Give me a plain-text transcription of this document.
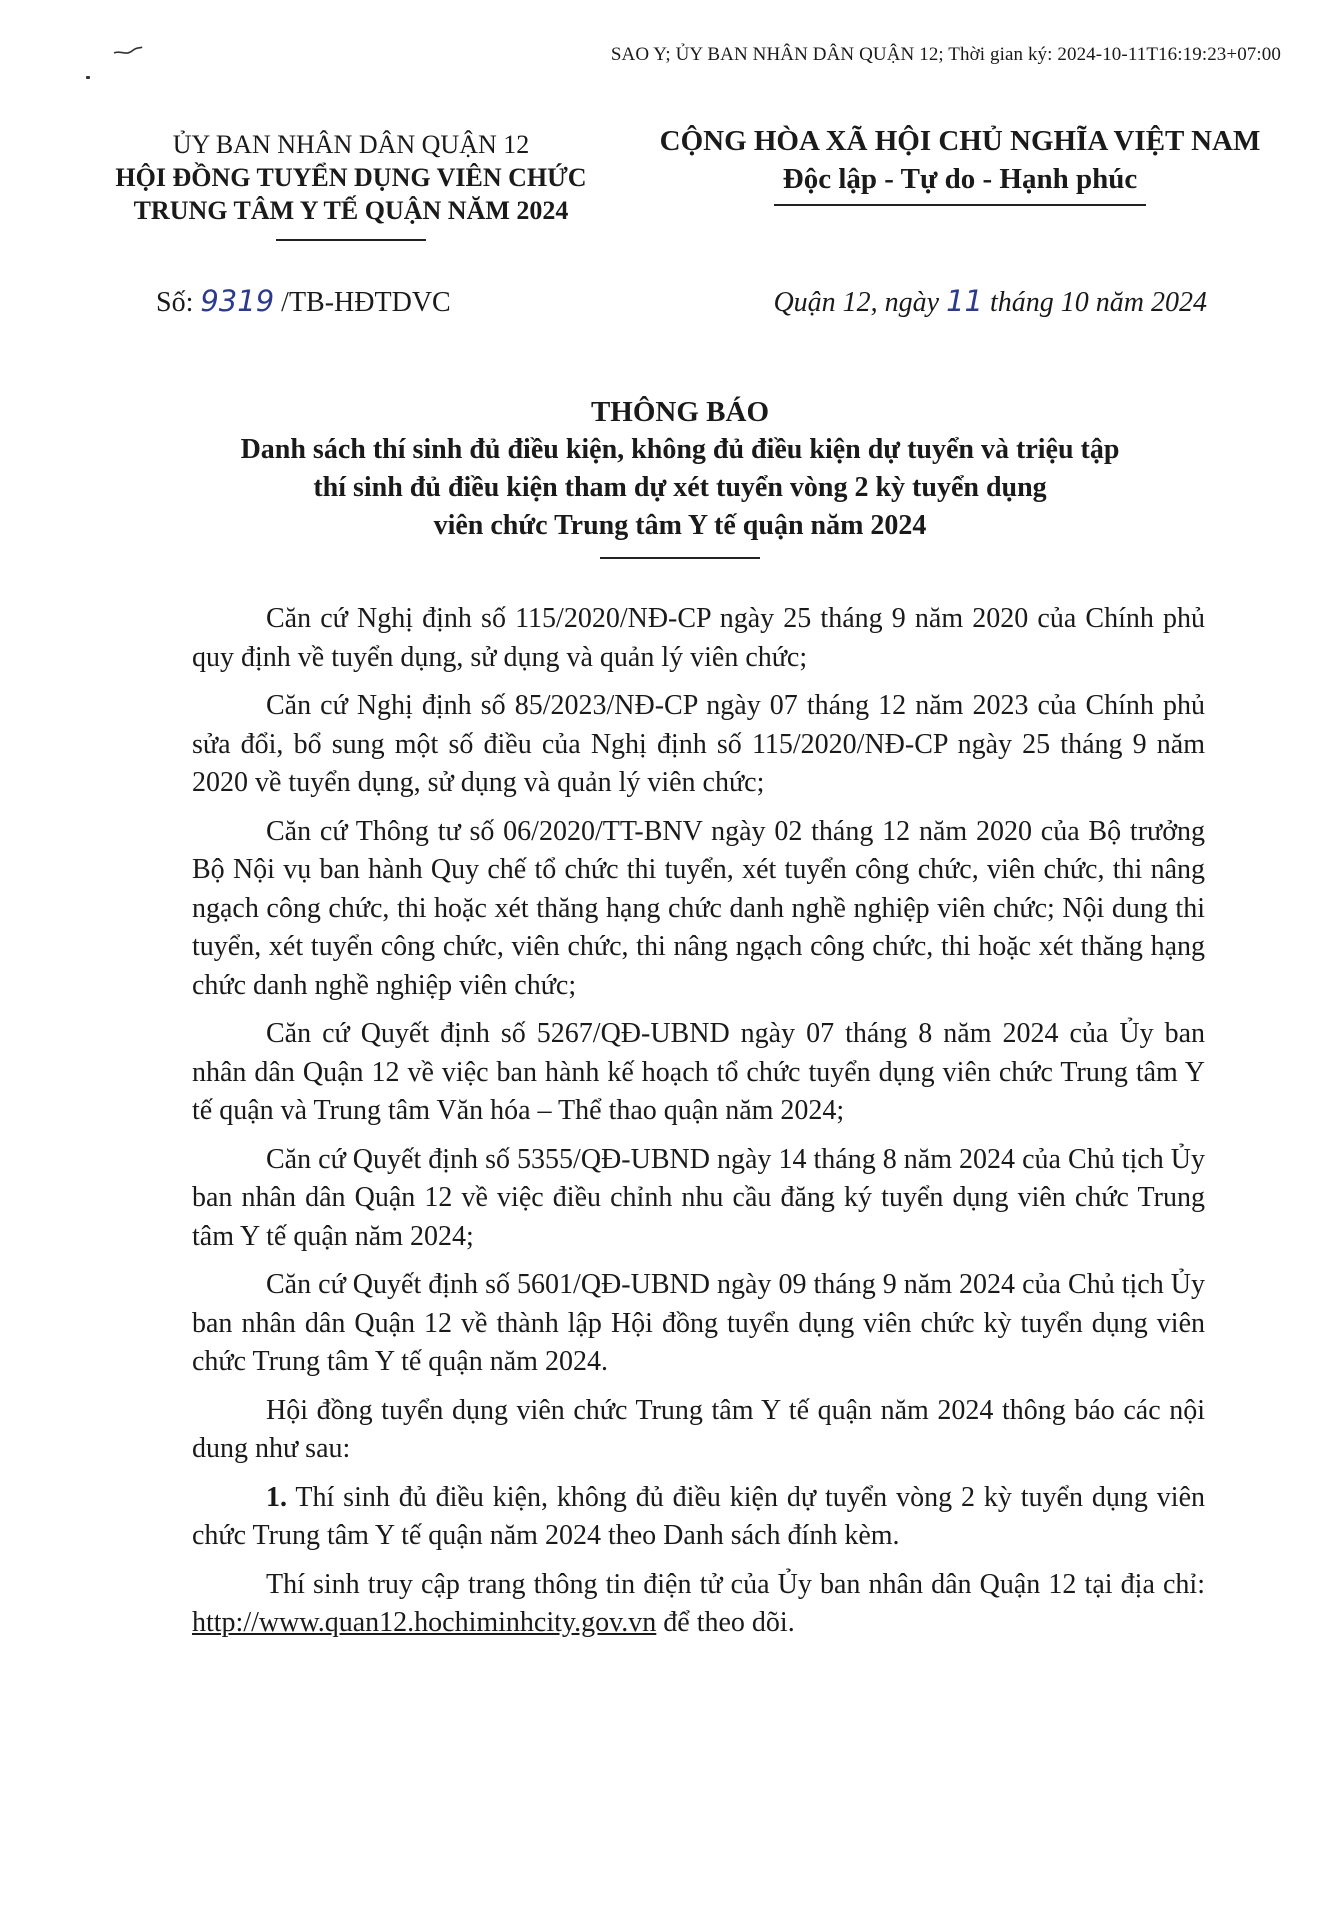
SAO Y; ỦY BAN NHÂN DÂN QUẬN 12; Thời gian ký: 2024-10-11T16:19:23+07:00
ỦY BAN NHÂN DÂN QUẬN 12
HỘI ĐỒNG TUYỂN DỤNG VIÊN CHỨC
TRUNG TÂM Y TẾ QUẬN NĂM 2024
CỘNG HÒA XÃ HỘI CHỦ NGHĨA VIỆT NAM
Độc lập - Tự do - Hạnh phúc
Số: 9319 /TB-HĐTDVC	Quận 12, ngày 11 tháng 10 năm 2024
THÔNG BÁO
Danh sách thí sinh đủ điều kiện, không đủ điều kiện dự tuyển và triệu tập
thí sinh đủ điều kiện tham dự xét tuyển vòng 2 kỳ tuyển dụng
viên chức Trung tâm Y tế quận năm 2024

Căn cứ Nghị định số 115/2020/NĐ-CP ngày 25 tháng 9 năm 2020 của Chính phủ quy định về tuyển dụng, sử dụng và quản lý viên chức;

Căn cứ Nghị định số 85/2023/NĐ-CP ngày 07 tháng 12 năm 2023 của Chính phủ sửa đổi, bổ sung một số điều của Nghị định số 115/2020/NĐ-CP ngày 25 tháng 9 năm 2020 về tuyển dụng, sử dụng và quản lý viên chức;

Căn cứ Thông tư số 06/2020/TT-BNV ngày 02 tháng 12 năm 2020 của Bộ trưởng Bộ Nội vụ ban hành Quy chế tổ chức thi tuyển, xét tuyển công chức, viên chức, thi nâng ngạch công chức, thi hoặc xét thăng hạng chức danh nghề nghiệp viên chức; Nội dung thi tuyển, xét tuyển công chức, viên chức, thi nâng ngạch công chức, thi hoặc xét thăng hạng chức danh nghề nghiệp viên chức;

Căn cứ Quyết định số 5267/QĐ-UBND ngày 07 tháng 8 năm 2024 của Ủy ban nhân dân Quận 12 về việc ban hành kế hoạch tổ chức tuyển dụng viên chức Trung tâm Y tế quận và Trung tâm Văn hóa – Thể thao quận năm 2024;

Căn cứ Quyết định số 5355/QĐ-UBND ngày 14 tháng 8 năm 2024 của Chủ tịch Ủy ban nhân dân Quận 12 về việc điều chỉnh nhu cầu đăng ký tuyển dụng viên chức Trung tâm Y tế quận năm 2024;

Căn cứ Quyết định số 5601/QĐ-UBND ngày 09 tháng 9 năm 2024 của Chủ tịch Ủy ban nhân dân Quận 12 về thành lập Hội đồng tuyển dụng viên chức kỳ tuyển dụng viên chức Trung tâm Y tế quận năm 2024.

Hội đồng tuyển dụng viên chức Trung tâm Y tế quận năm 2024 thông báo các nội dung như sau:

1. Thí sinh đủ điều kiện, không đủ điều kiện dự tuyển vòng 2 kỳ tuyển dụng viên chức Trung tâm Y tế quận năm 2024 theo Danh sách đính kèm.

Thí sinh truy cập trang thông tin điện tử của Ủy ban nhân dân Quận 12 tại địa chỉ: http://www.quan12.hochiminhcity.gov.vn để theo dõi.
